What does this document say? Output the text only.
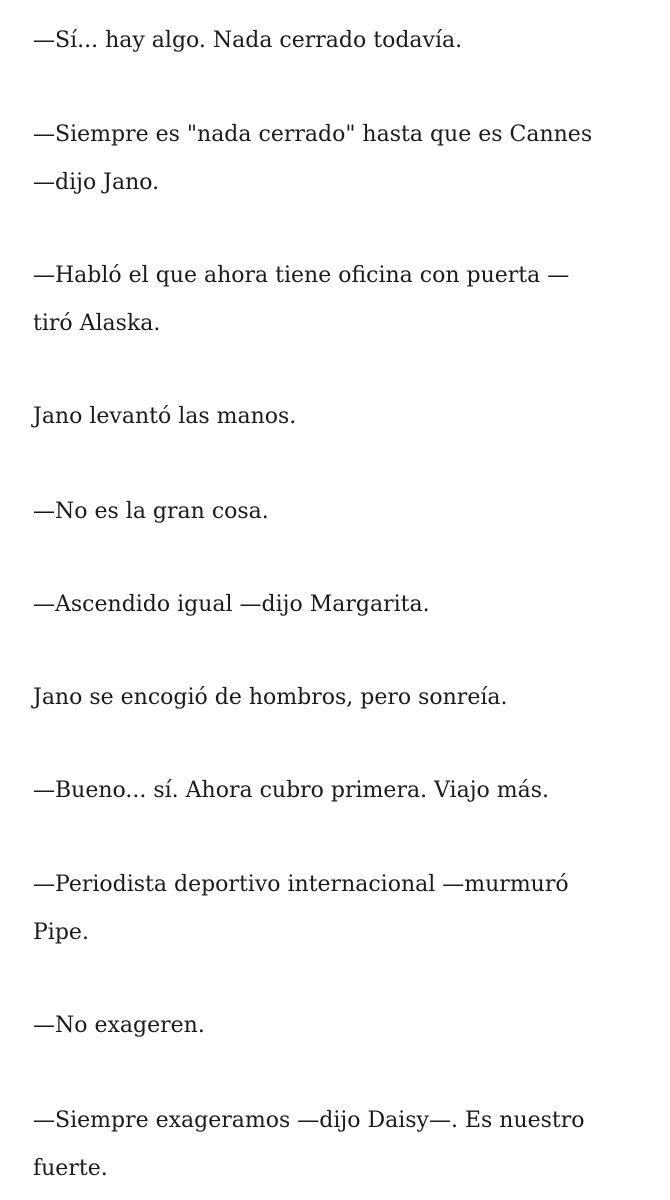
—Sí... hay algo. Nada cerrado todavía.

—Siempre es "nada cerrado" hasta que es Cannes
—dijo Jano.

—Habló el que ahora tiene oficina con puerta —
tiró Alaska.

Jano levantó las manos.

—No es la gran cosa.

—Ascendido igual —dijo Margarita.

Jano se encogió de hombros, pero sonreía.

—Bueno... sí. Ahora cubro primera. Viajo más.

—Periodista deportivo internacional —murmuró
Pipe.

—No exageren.

—Siempre exageramos —dijo Daisy—. Es nuestro
fuerte.
